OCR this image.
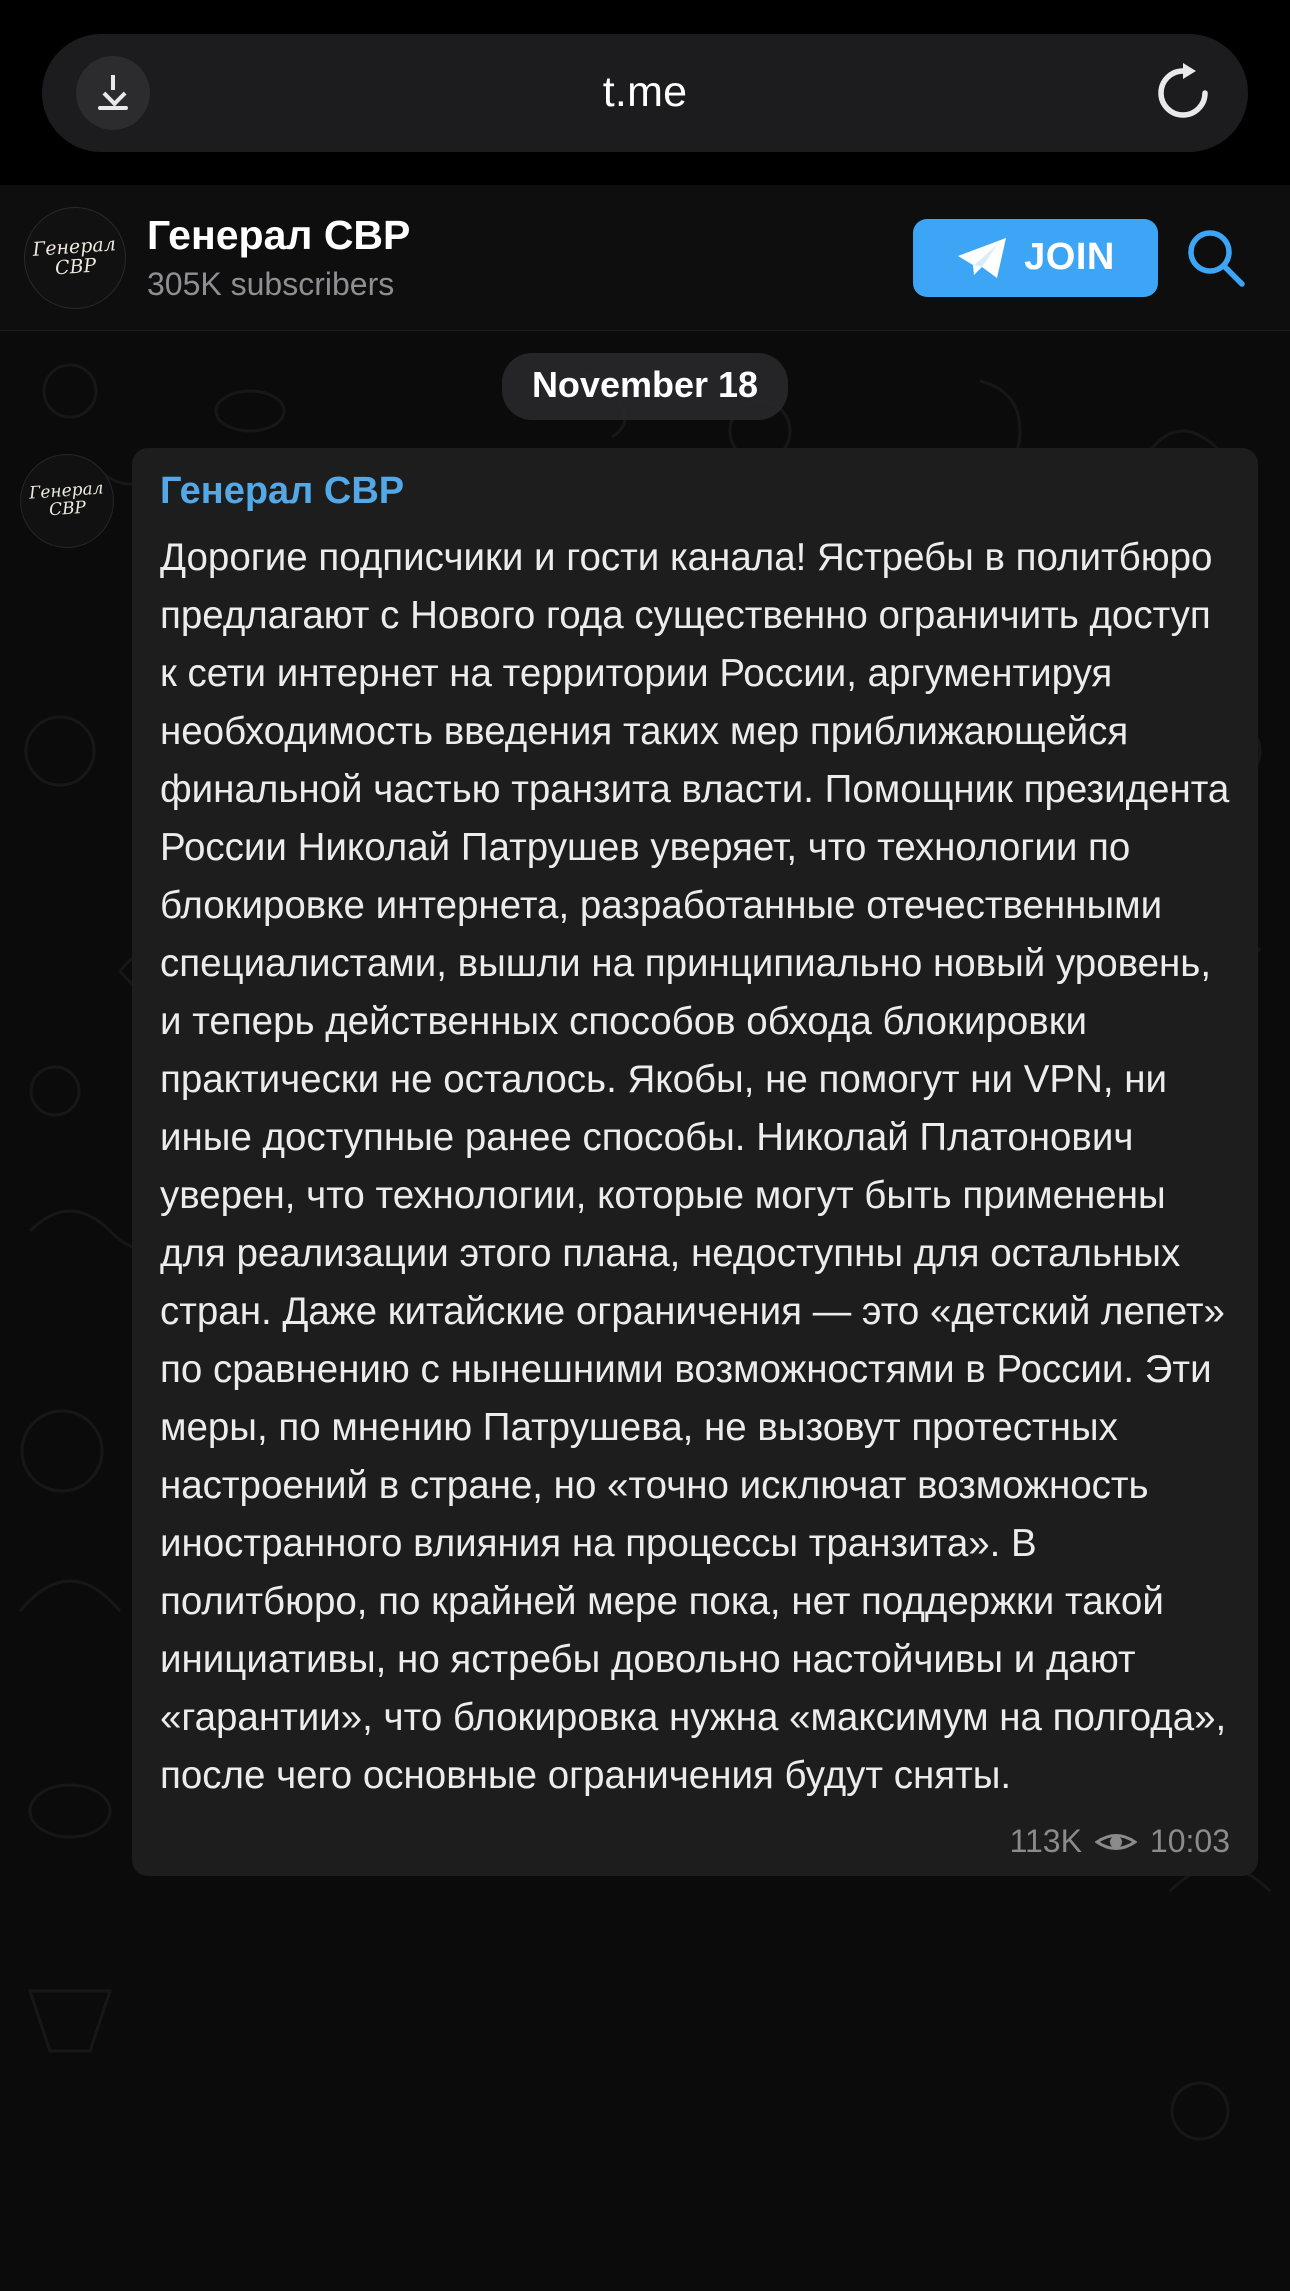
t.me
Генерал СВР
Генерал СВР
305K subscribers
JOIN
November 18
Генерал СВР	Генерал СВР
Дорогие подписчики и гости канала! Ястребы в политбюро предлагают с Нового года существенно ограничить доступ к сети интернет на территории России, аргументируя необходимость введения таких мер приближающейся финальной частью транзита власти. Помощник президента России Николай Патрушев уверяет, что технологии по блокировке интернета, разработанные отечественными специалистами, вышли на принципиально новый уровень, и теперь действенных способов обхода блокировки практически не осталось. Якобы, не помогут ни VPN, ни иные доступные ранее способы. Николай Платонович уверен, что технологии, которые могут быть применены для реализации этого плана, недоступны для остальных стран. Даже китайские ограничения — это «детский лепет» по сравнению с нынешними возможностями в России. Эти меры, по мнению Патрушева, не вызовут протестных настроений в стране, но «точно исключат возможность иностранного влияния на процессы транзита». В политбюро, по крайней мере пока, нет поддержки такой инициативы, но ястребы довольно настойчивы и дают «гарантии», что блокировка нужна «максимум на полгода», после чего основные ограничения будут сняты.
113K 10:03
